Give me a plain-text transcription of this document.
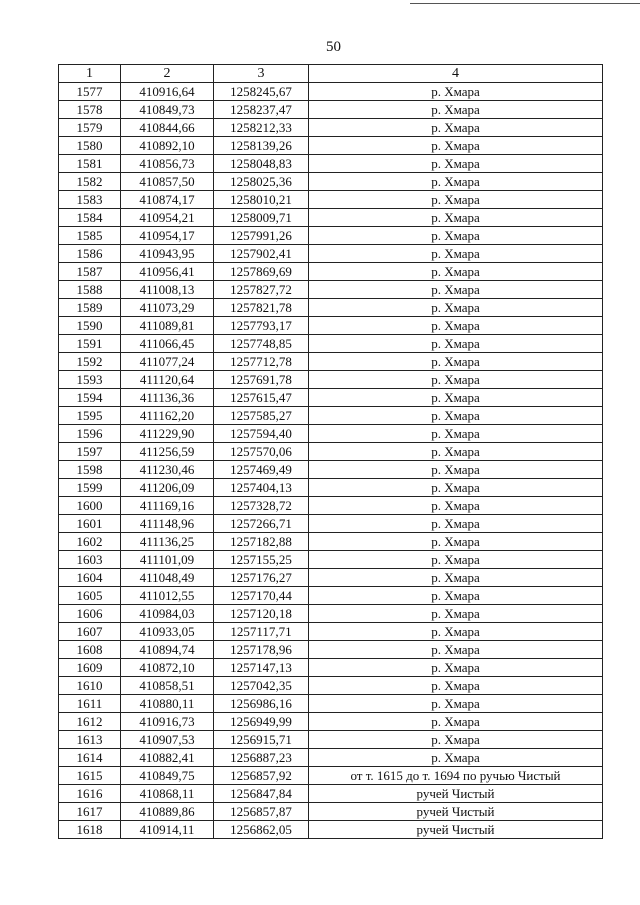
50
1	2	3	4
1577	410916,64	1258245,67	р. Хмара
1578	410849,73	1258237,47	р. Хмара
1579	410844,66	1258212,33	р. Хмара
1580	410892,10	1258139,26	р. Хмара
1581	410856,73	1258048,83	р. Хмара
1582	410857,50	1258025,36	р. Хмара
1583	410874,17	1258010,21	р. Хмара
1584	410954,21	1258009,71	р. Хмара
1585	410954,17	1257991,26	р. Хмара
1586	410943,95	1257902,41	р. Хмара
1587	410956,41	1257869,69	р. Хмара
1588	411008,13	1257827,72	р. Хмара
1589	411073,29	1257821,78	р. Хмара
1590	411089,81	1257793,17	р. Хмара
1591	411066,45	1257748,85	р. Хмара
1592	411077,24	1257712,78	р. Хмара
1593	411120,64	1257691,78	р. Хмара
1594	411136,36	1257615,47	р. Хмара
1595	411162,20	1257585,27	р. Хмара
1596	411229,90	1257594,40	р. Хмара
1597	411256,59	1257570,06	р. Хмара
1598	411230,46	1257469,49	р. Хмара
1599	411206,09	1257404,13	р. Хмара
1600	411169,16	1257328,72	р. Хмара
1601	411148,96	1257266,71	р. Хмара
1602	411136,25	1257182,88	р. Хмара
1603	411101,09	1257155,25	р. Хмара
1604	411048,49	1257176,27	р. Хмара
1605	411012,55	1257170,44	р. Хмара
1606	410984,03	1257120,18	р. Хмара
1607	410933,05	1257117,71	р. Хмара
1608	410894,74	1257178,96	р. Хмара
1609	410872,10	1257147,13	р. Хмара
1610	410858,51	1257042,35	р. Хмара
1611	410880,11	1256986,16	р. Хмара
1612	410916,73	1256949,99	р. Хмара
1613	410907,53	1256915,71	р. Хмара
1614	410882,41	1256887,23	р. Хмара
1615	410849,75	1256857,92	от т. 1615 до т. 1694 по ручью Чистый
1616	410868,11	1256847,84	ручей Чистый
1617	410889,86	1256857,87	ручей Чистый
1618	410914,11	1256862,05	ручей Чистый
